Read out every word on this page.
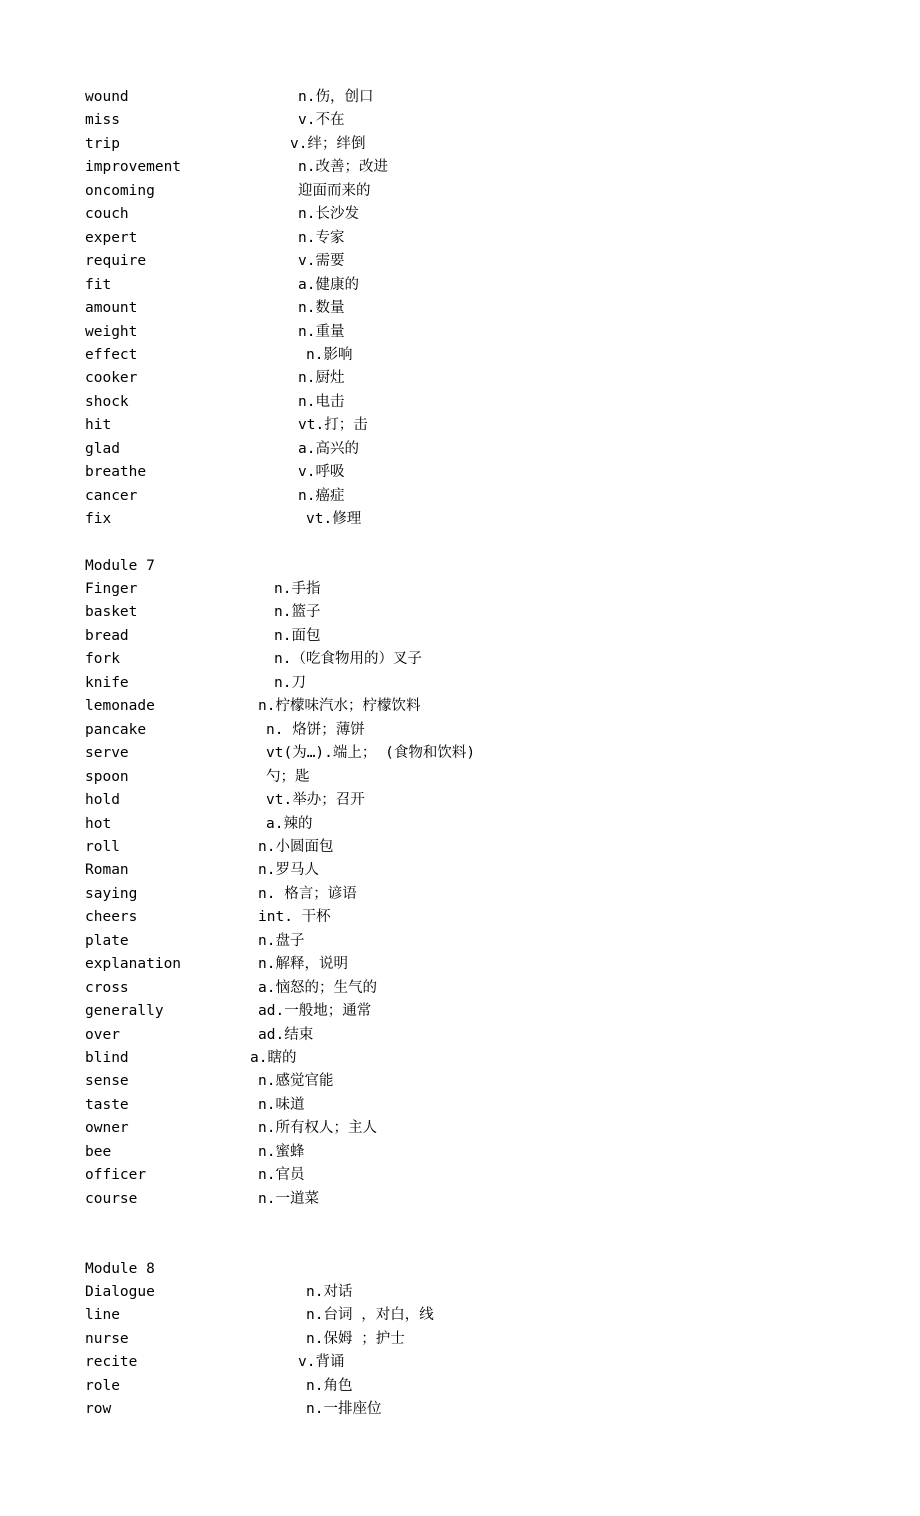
wound	n.伤，创口
miss	v.不在
trip	v.绊；绊倒
improvement	n.改善；改进
oncoming	迎面而来的
couch	n.长沙发
expert	n.专家
require	v.需要
fit	a.健康的
amount	n.数量
weight	n.重量
effect	n.影响
cooker	n.厨灶
shock	n.电击
hit	vt.打；击
glad	a.高兴的
breathe	v.呼吸
cancer	n.癌症
fix	vt.修理
Module 7
Finger	n.手指
basket	n.篮子
bread	n.面包
fork	n.（吃食物用的）叉子
knife	n.刀
lemonade	n.柠檬味汽水；柠檬饮料
pancake	n. 烙饼；薄饼
serve	vt(为…).端上； (食物和饮料)
spoon	勺；匙
hold	vt.举办；召开
hot	a.辣的
roll	n.小圆面包
Roman	n.罗马人
saying	n. 格言；谚语
cheers	int. 干杯
plate	n.盘子
explanation	n.解释，说明
cross	a.恼怒的；生气的
generally	ad.一般地；通常
over	ad.结束
blind	a.瞎的
sense	n.感觉官能
taste	n.味道
owner	n.所有权人；主人
bee	n.蜜蜂
officer	n.官员
course	n.一道菜
Module 8
Dialogue	n.对话
line	n.台词 ，对白，线
nurse	n.保姆 ；护士
recite	v.背诵
role	n.角色
row	n.一排座位
